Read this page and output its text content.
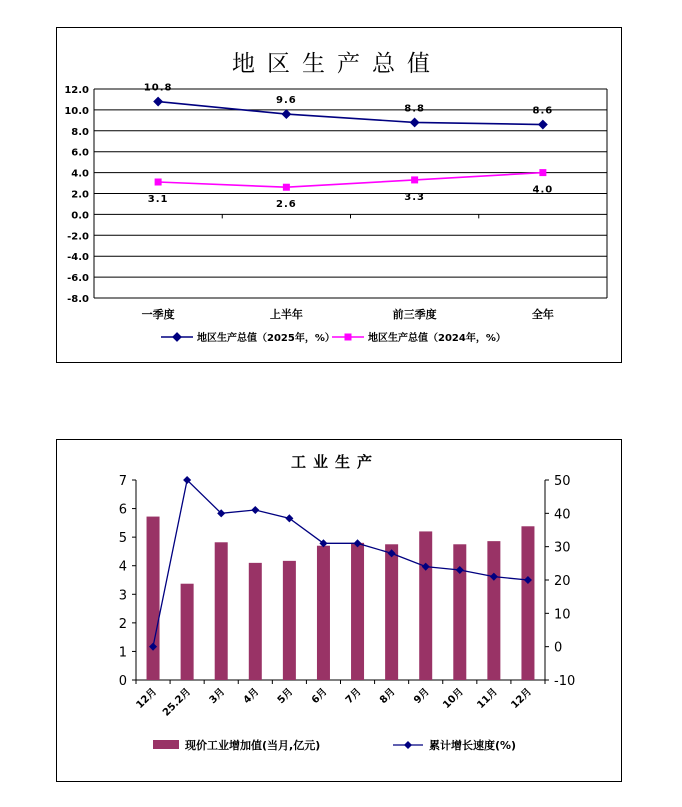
地区生产总值
12.0
10.0
8.0
6.0
4.0
2.0
0.0
-2.0
-4.0
-6.0
-8.0
一季度	上半年	前三季度	全年
10.8
9.6
8.8	8.6
3.1	2.6
3.3
4.0
地区生产总值（2025年，%）	地区生产总值（2024年，%）
工业生产
7
6
5
4
3
2
1
0
50
40
30
20
10
0
-10
12月 25.2月 3月 4月 5月 6月 7月 8月 9月 10月 11月 12月
现价工业增加值(当月,亿元)	累计增长速度(%)
